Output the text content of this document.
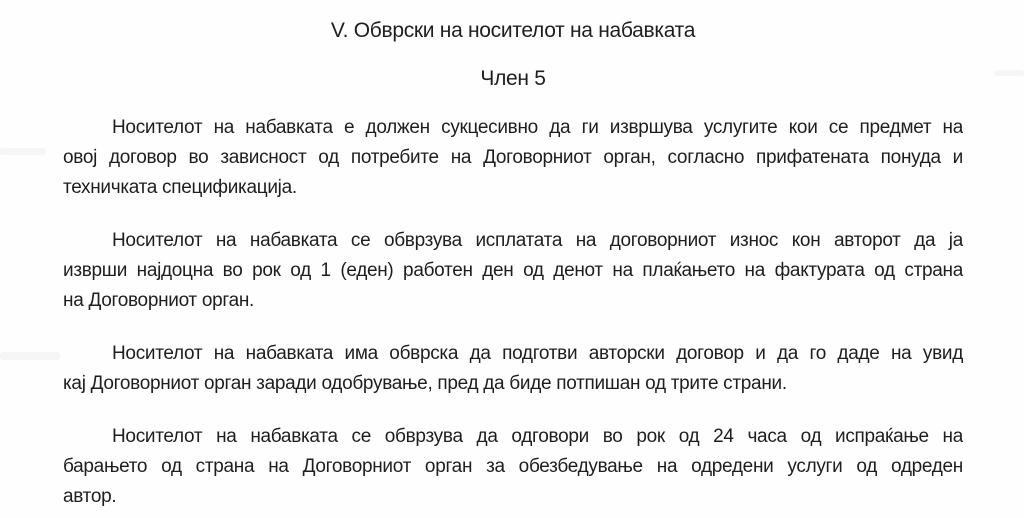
V. Обврски на носителот на набавката
Член 5
Носителот на набавката е должен сукцесивно да ги извршува услугите кои се предмет на
овој договор во зависност од потребите на Договорниот орган, согласно прифатената понуда и
техничката спецификација.
Носителот на набавката се обврзува исплатата на договорниот износ кон авторот да ја
изврши најдоцна во рок од 1 (еден) работен ден од денот на плаќањето на фактурата од страна
на Договорниот орган.
Носителот на набавката има обврска да подготви авторски договор и да го даде на увид
кај Договорниот орган заради одобрување, пред да биде потпишан од трите страни.
Носителот на набавката се обврзува да одговори во рок од 24 часа од испраќање на
барањето од страна на Договорниот орган за обезбедување на одредени услуги од одреден
автор.
